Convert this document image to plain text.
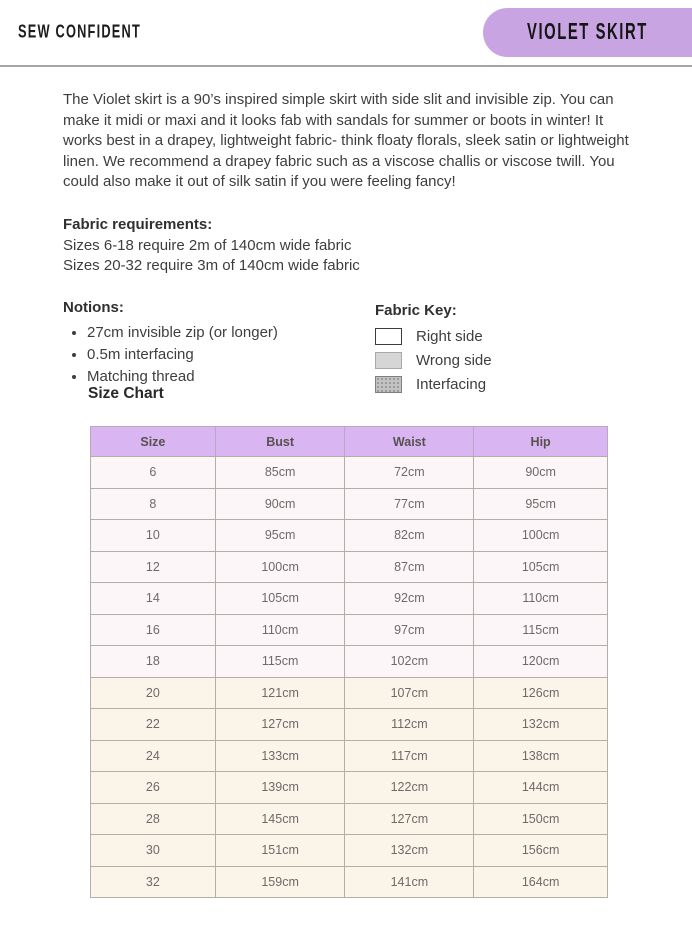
SEW CONFIDENT	VIOLET SKIRT

The Violet skirt is a 90’s inspired simple skirt with side slit and invisible zip. You can make it midi or maxi and it looks fab with sandals for summer or boots in winter! It works best in a drapey, lightweight fabric- think floaty florals, sleek satin or lightweight linen. We recommend a drapey fabric such as a viscose challis or viscose twill. You could also make it out of silk satin if you were feeling fancy!

Fabric requirements:
Sizes 6-18 require 2m of 140cm wide fabric
Sizes 20-32 require 3m of 140cm wide fabric
Notions:
• 27cm invisible zip (or longer)
• 0.5m interfacing
• Matching thread
Fabric Key:
Right side
Wrong side
Interfacing
Size Chart
Size	Bust	Waist	Hip
6	85cm	72cm	90cm
8	90cm	77cm	95cm
10	95cm	82cm	100cm
12	100cm	87cm	105cm
14	105cm	92cm	110cm
16	110cm	97cm	115cm
18	115cm	102cm	120cm
20	121cm	107cm	126cm
22	127cm	112cm	132cm
24	133cm	117cm	138cm
26	139cm	122cm	144cm
28	145cm	127cm	150cm
30	151cm	132cm	156cm
32	159cm	141cm	164cm
